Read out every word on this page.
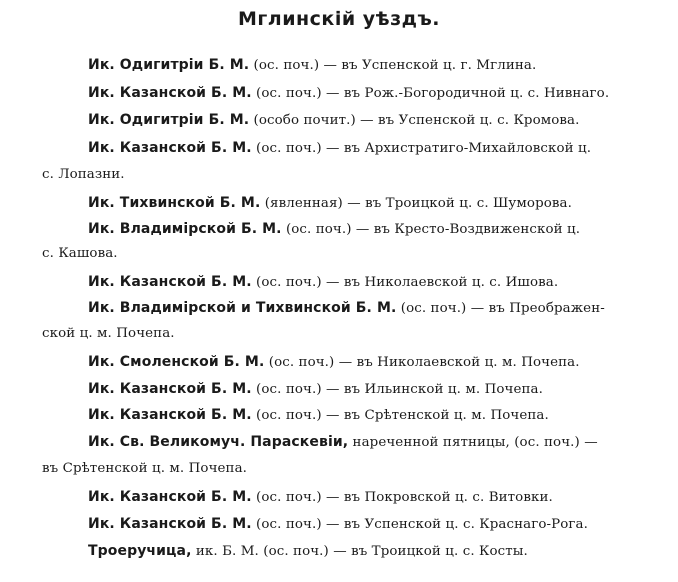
Мглинскій уѣздъ.
Ик. Одигитріи Б. М. (ос. поч.) — въ Успенской ц. г. Мглина.
Ик. Казанской Б. М. (ос. поч.) — въ Рож.-Богородичной ц. с. Нивнаго.
Ик. Одигитріи Б. М. (особо почит.) — въ Успенской ц. с. Кромова.
Ик. Казанской Б. М. (ос. поч.) — въ Архистратиго-Михайловской ц.
с. Лопазни.
Ик. Тихвинской Б. М. (явленная) — въ Троицкой ц. с. Шуморова.
Ик. Владимірской Б. М. (ос. поч.) — въ Кресто-Воздвиженской ц.
с. Кашова.
Ик. Казанской Б. М. (ос. поч.) — въ Николаевской ц. с. Ишова.
Ик. Владимірской и Тихвинской Б. М. (ос. поч.) — въ Преображен-
ской ц. м. Почепа.
Ик. Смоленской Б. М. (ос. поч.) — въ Николаевской ц. м. Почепа.
Ик. Казанской Б. М. (ос. поч.) — въ Ильинской ц. м. Почепа.
Ик. Казанской Б. М. (ос. поч.) — въ Срѣтенской ц. м. Почепа.
Ик. Св. Великомуч. Параскевіи, нареченной пятницы, (ос. поч.) —
въ Срѣтенской ц. м. Почепа.
Ик. Казанской Б. М. (ос. поч.) — въ Покровской ц. с. Витовки.
Ик. Казанской Б. М. (ос. поч.) — въ Успенской ц. с. Краснаго-Рога.
Троеручица, ик. Б. М. (ос. поч.) — въ Троицкой ц. с. Косты.
